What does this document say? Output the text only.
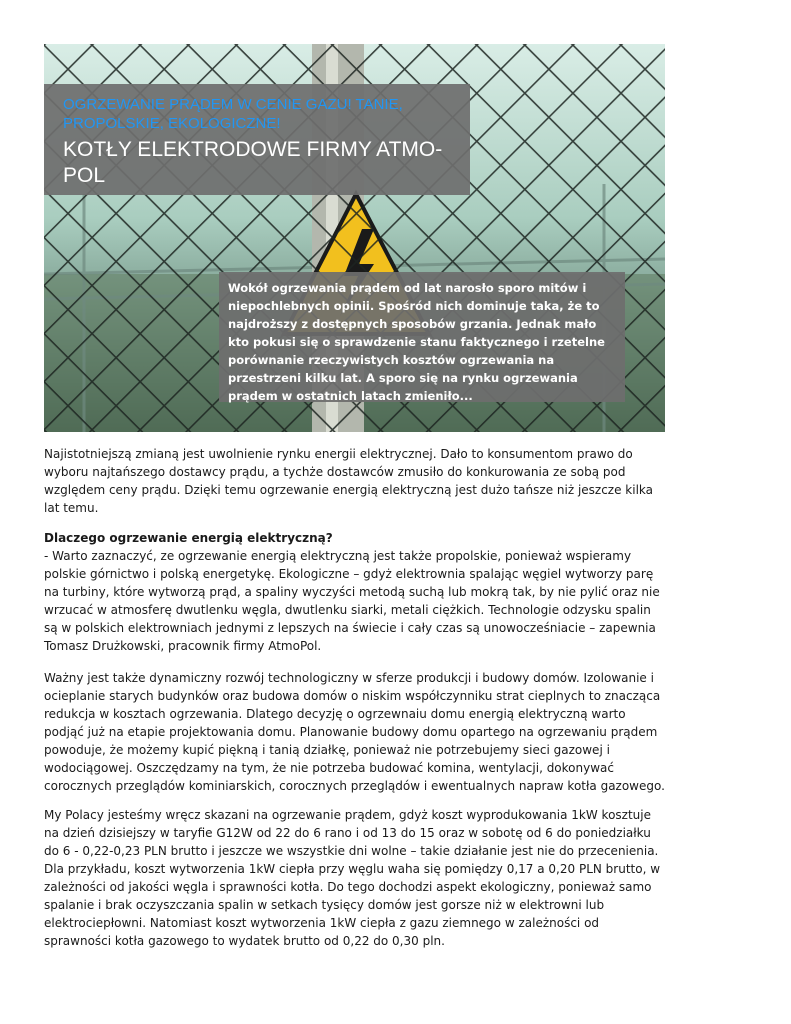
OGRZEWANIE PRĄDEM W CENIE GAZU! TANIE, PROPOLSKIE, EKOLOGICZNE!

KOTŁY ELEKTRODOWE FIRMY ATMO-POL

Wokół ogrzewania prądem od lat narosło sporo mitów i niepochlebnych opinii. Spośród nich dominuje taka, że to najdroższy z dostępnych sposobów grzania. Jednak mało kto pokusi się o sprawdzenie stanu faktycznego i rzetelne porównanie rzeczywistych kosztów ogrzewania na przestrzeni kilku lat. A sporo się na rynku ogrzewania prądem w ostatnich latach zmieniło...

Najistotniejszą zmianą jest uwolnienie rynku energii elektrycznej. Dało to konsumentom prawo do wyboru najtańszego dostawcy prądu, a tychże dostawców zmusiło do konkurowania ze sobą pod względem ceny prądu. Dzięki temu ogrzewanie energią elektryczną jest dużo tańsze niż jeszcze kilka lat temu.

Dlaczego ogrzewanie energią elektryczną?

- Warto zaznaczyć, ze ogrzewanie energią elektryczną jest także propolskie, ponieważ wspieramy polskie górnictwo i polską energetykę. Ekologiczne – gdyż elektrownia spalając węgiel wytworzy parę na turbiny, które wytworzą prąd, a spaliny wyczyści metodą suchą lub mokrą tak, by nie pylić oraz nie wrzucać w atmosferę dwutlenku węgla, dwutlenku siarki, metali ciężkich. Technologie odzysku spalin są w polskich elektrowniach jednymi z lepszych na świecie i cały czas są unowocześniacie – zapewnia Tomasz Drużkowski, pracownik firmy AtmoPol.

Ważny jest także dynamiczny rozwój technologiczny w sferze produkcji i budowy domów. Izolowanie i ocieplanie starych budynków oraz budowa domów o niskim współczynniku strat cieplnych to znacząca redukcja w kosztach ogrzewania. Dlatego decyzję o ogrzewnaiu domu energią elektryczną warto podjąć już na etapie projektowania domu. Planowanie budowy domu opartego na ogrzewaniu prądem powoduje, że możemy kupić piękną i tanią działkę, ponieważ nie potrzebujemy sieci gazowej i wodociągowej. Oszczędzamy na tym, że nie potrzeba budować komina, wentylacji, dokonywać corocznych przeglądów kominiarskich, corocznych przeglądów i ewentualnych napraw kotła gazowego.

My Polacy jesteśmy wręcz skazani na ogrzewanie prądem, gdyż koszt wyprodukowania 1kW kosztuje na dzień dzisiejszy w taryfie G12W od 22 do 6 rano i od 13 do 15 oraz w sobotę od 6 do poniedziałku do 6 - 0,22-0,23 PLN brutto i jeszcze we wszystkie dni wolne – takie działanie jest nie do przecenienia. Dla przykładu, koszt wytworzenia 1kW ciepła przy węglu waha się pomiędzy 0,17 a 0,20 PLN brutto, w zależności od jakości węgla i sprawności kotła. Do tego dochodzi aspekt ekologiczny, ponieważ samo spalanie i brak oczyszczania spalin w setkach tysięcy domów jest gorsze niż w elektrowni lub elektrociepłowni. Natomiast koszt wytworzenia 1kW ciepła z gazu ziemnego w zależności od sprawności kotła gazowego to wydatek brutto od 0,22 do 0,30 pln.
